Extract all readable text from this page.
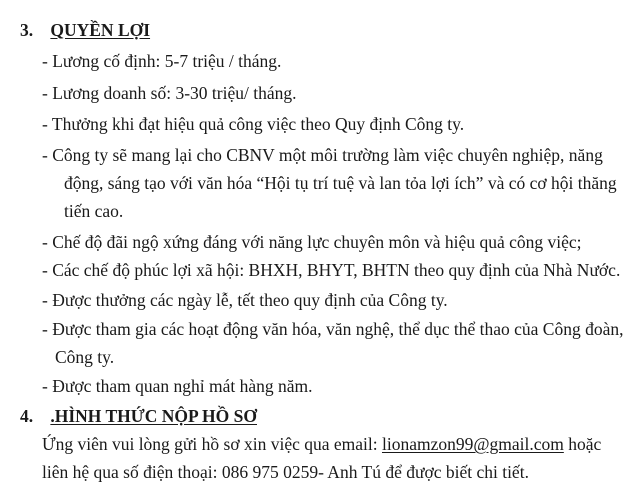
3. QUYỀN LỢI
- Lương cố định: 5-7 triệu / tháng.
- Lương doanh số: 3-30 triệu/ tháng.
- Thưởng khi đạt hiệu quả công việc theo Quy định Công ty.
- Công ty sẽ mang lại cho CBNV một môi trường làm việc chuyên nghiệp, năng
động, sáng tạo với văn hóa “Hội tụ trí tuệ và lan tỏa lợi ích” và có cơ hội thăng
tiến cao.
- Chế độ đãi ngộ xứng đáng với năng lực chuyên môn và hiệu quả công việc;
- Các chế độ phúc lợi xã hội: BHXH, BHYT, BHTN theo quy định của Nhà Nước.
- Được thưởng các ngày lễ, tết theo quy định của Công ty.
- Được tham gia các hoạt động văn hóa, văn nghệ, thể dục thể thao của Công đoàn,
Công ty.
- Được tham quan nghỉ mát hàng năm.
4. .HÌNH THỨC NỘP HỒ SƠ
Ứng viên vui lòng gửi hồ sơ xin việc qua email: lionamzon99@gmail.com hoặc
liên hệ qua số điện thoại: 086 975 0259- Anh Tú để được biết chi tiết.
